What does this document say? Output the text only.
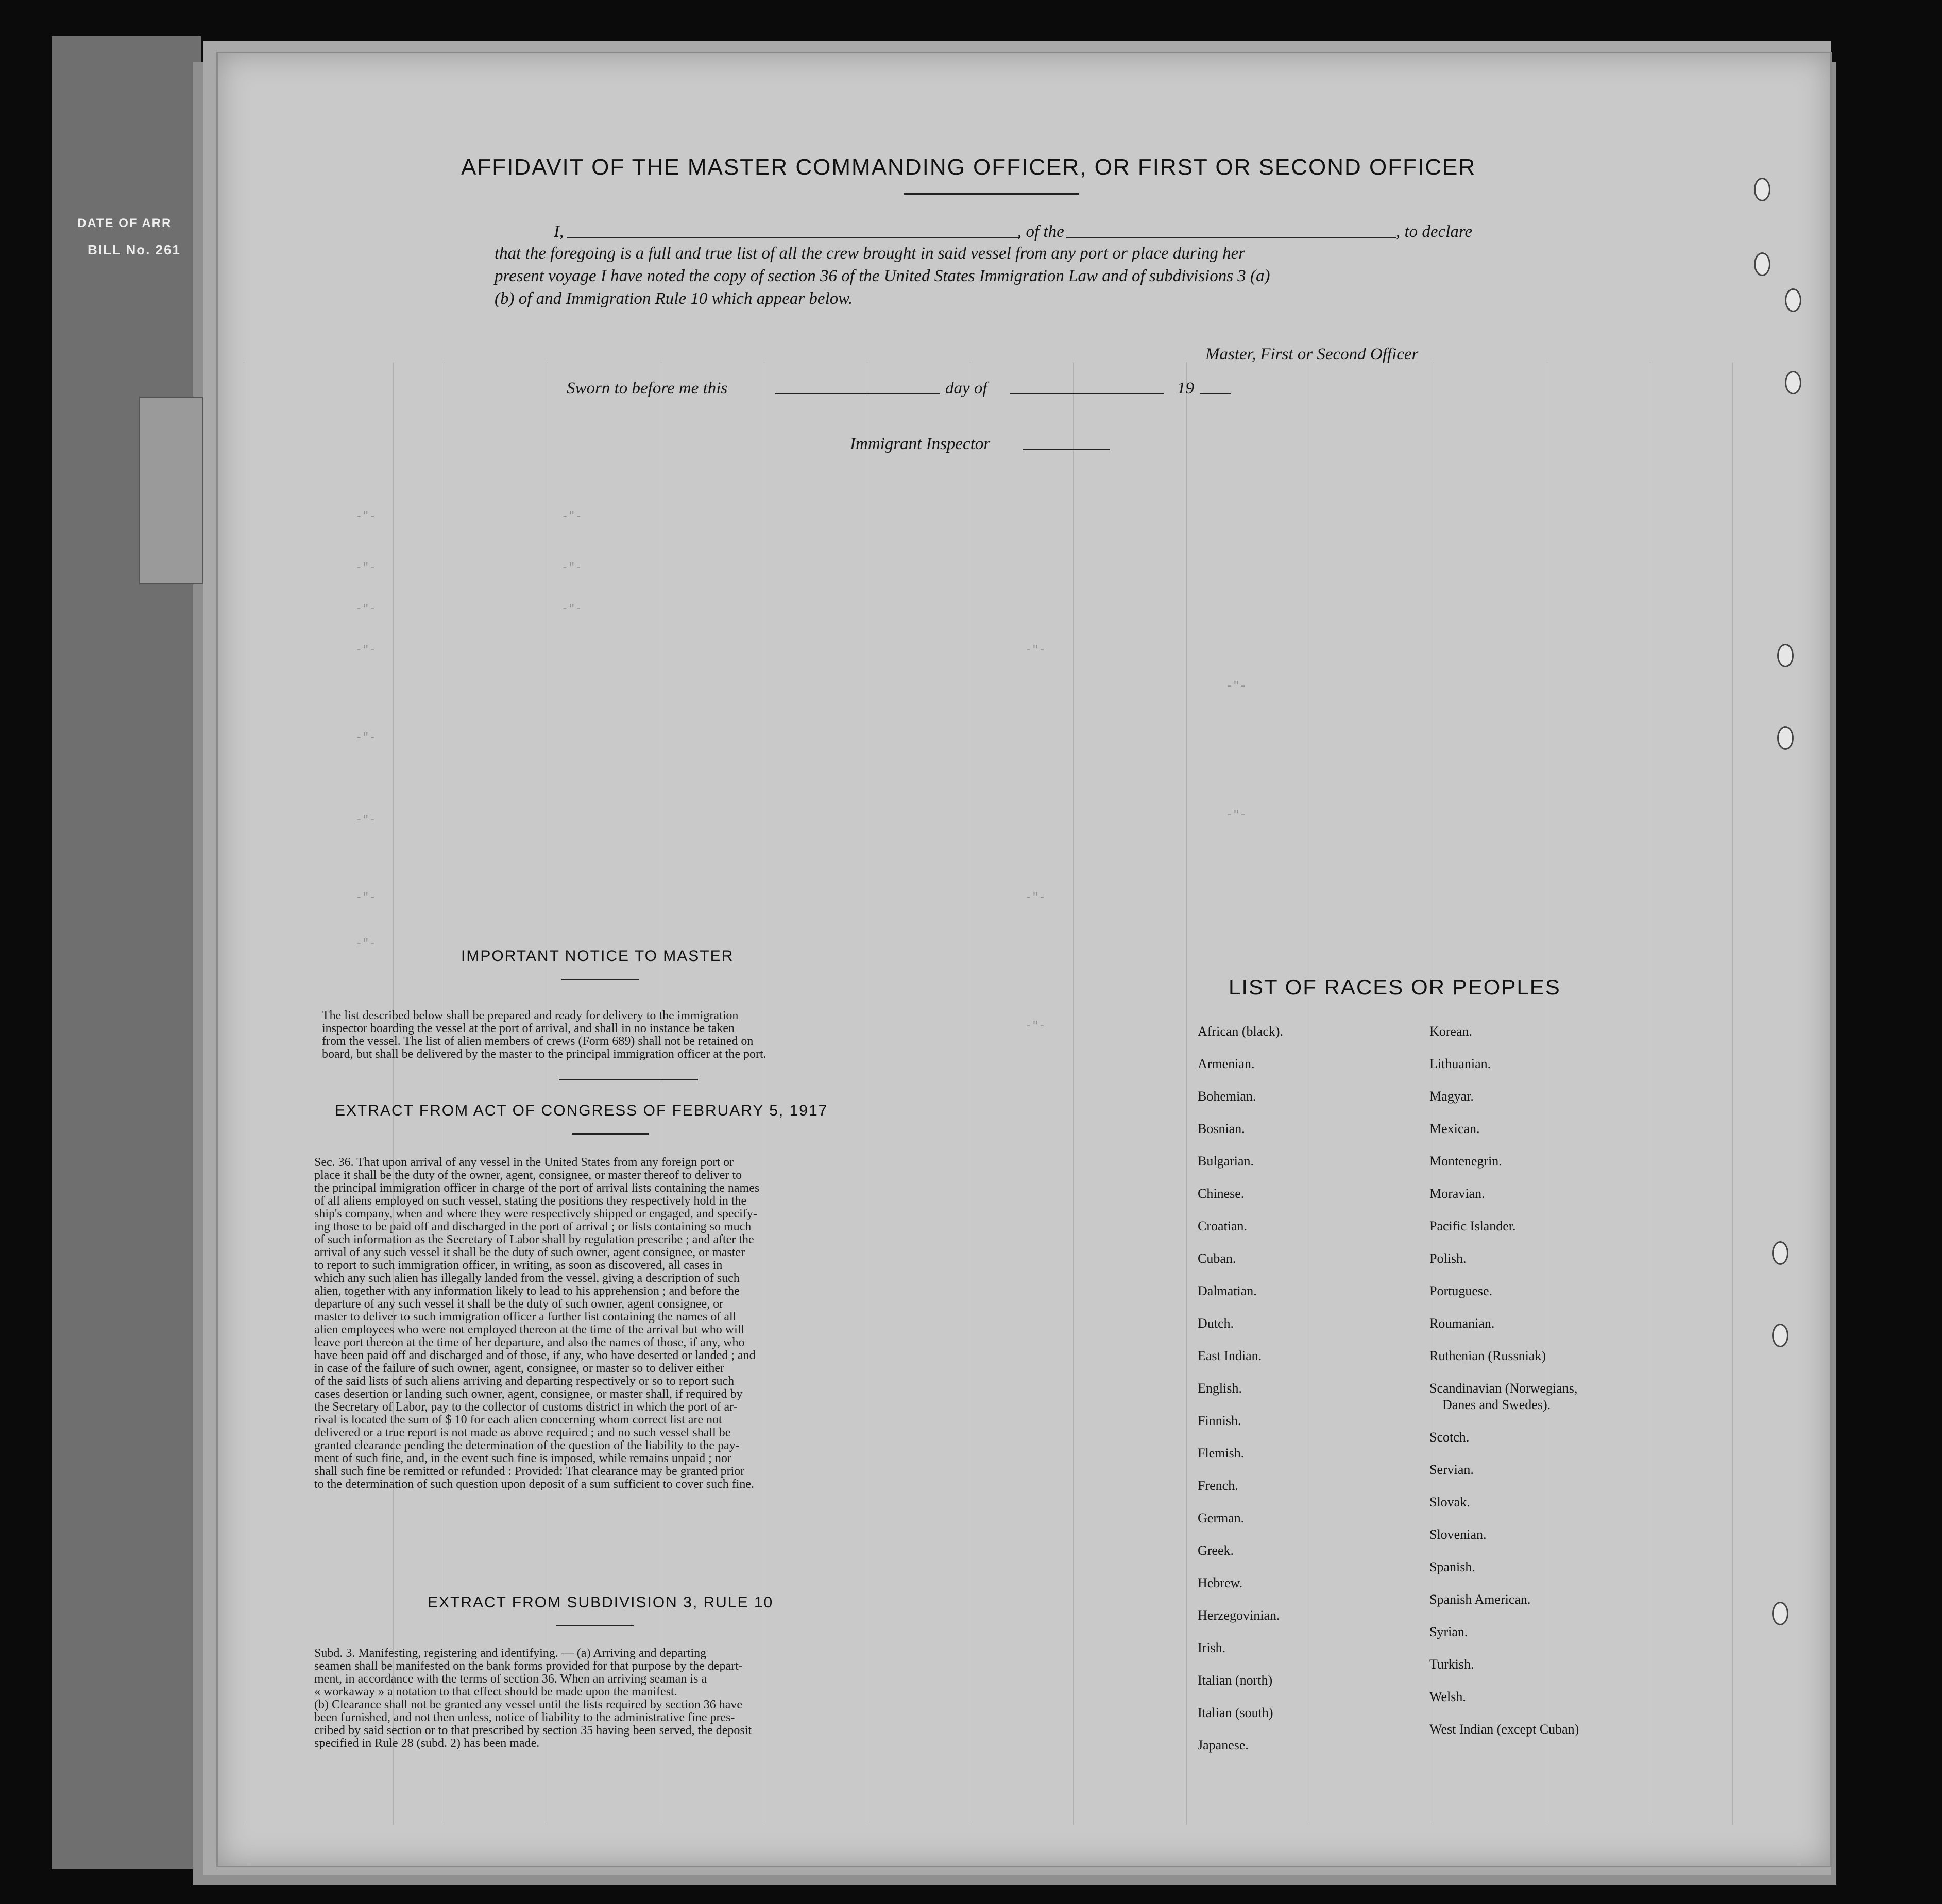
DATE OF ARR
BILL No. 261
AFFIDAVIT OF THE MASTER COMMANDING OFFICER, OR FIRST OR SECOND OFFICER
I,	, of the	, to declare
that the foregoing is a full and true list of all the crew brought in said vessel from any port or place during her
present voyage I have noted the copy of section 36 of the United States Immigration Law and of subdivisions 3 (a)
(b) of and Immigration Rule 10 which appear below.
Master, First or Second Officer
Sworn to before me this	day of	19
Immigrant Inspector
-"-	-"-
-"-	-"-
-"-	-"-
-"-	-"-
-"-
-"-
-"-	-"-
-"-	-"-
-"-
-"-
IMPORTANT NOTICE TO MASTER
The list described below shall be prepared and ready for delivery to the immigration
inspector boarding the vessel at the port of arrival, and shall in no instance be taken
from the vessel. The list of alien members of crews (Form 689) shall not be retained on
board, but shall be delivered by the master to the principal immigration officer at the port.
EXTRACT FROM ACT OF CONGRESS OF FEBRUARY 5, 1917
Sec. 36. That upon arrival of any vessel in the United States from any foreign port or
place it shall be the duty of the owner, agent, consignee, or master thereof to deliver to
the principal immigration officer in charge of the port of arrival lists containing the names
of all aliens employed on such vessel, stating the positions they respectively hold in the
ship's company, when and where they were respectively shipped or engaged, and specify-
ing those to be paid off and discharged in the port of arrival ; or lists containing so much
of such information as the Secretary of Labor shall by regulation prescribe ; and after the
arrival of any such vessel it shall be the duty of such owner, agent consignee, or master
to report to such immigration officer, in writing, as soon as discovered, all cases in
which any such alien has illegally landed from the vessel, giving a description of such
alien, together with any information likely to lead to his apprehension ; and before the
departure of any such vessel it shall be the duty of such owner, agent consignee, or
master to deliver to such immigration officer a further list containing the names of all
alien employees who were not employed thereon at the time of the arrival but who will
leave port thereon at the time of her departure, and also the names of those, if any, who
have been paid off and discharged and of those, if any, who have deserted or landed ; and
in case of the failure of such owner, agent, consignee, or master so to deliver either
of the said lists of such aliens arriving and departing respectively or so to report such
cases desertion or landing such owner, agent, consignee, or master shall, if required by
the Secretary of Labor, pay to the collector of customs district in which the port of ar-
rival is located the sum of $ 10 for each alien concerning whom correct list are not
delivered or a true report is not made as above required ; and no such vessel shall be
granted clearance pending the determination of the question of the liability to the pay-
ment of such fine, and, in the event such fine is imposed, while remains unpaid ; nor
shall such fine be remitted or refunded : Provided: That clearance may be granted prior
to the determination of such question upon deposit of a sum sufficient to cover such fine.
EXTRACT FROM SUBDIVISION 3, RULE 10
Subd. 3. Manifesting, registering and identifying. — (a) Arriving and departing
seamen shall be manifested on the bank forms provided for that purpose by the depart-
ment, in accordance with the terms of section 36. When an arriving seaman is a
« workaway » a notation to that effect should be made upon the manifest.
(b) Clearance shall not be granted any vessel until the lists required by section 36 have
been furnished, and not then unless, notice of liability to the administrative fine pres-
cribed by said section or to that prescribed by section 35 having been served, the deposit
specified in Rule 28 (subd. 2) has been made.
LIST OF RACES OR PEOPLES
African (black).
Armenian.
Bohemian.
Bosnian.
Bulgarian.
Chinese.
Croatian.
Cuban.
Dalmatian.
Dutch.
East Indian.
English.
Finnish.
Flemish.
French.
German.
Greek.
Hebrew.
Herzegovinian.
Irish.
Italian (north)
Italian (south)
Japanese.
Korean.
Lithuanian.
Magyar.
Mexican.
Montenegrin.
Moravian.
Pacific Islander.
Polish.
Portuguese.
Roumanian.
Ruthenian (Russniak)
Scandinavian (Norwegians,
Danes and Swedes).
Scotch.
Servian.
Slovak.
Slovenian.
Spanish.
Spanish American.
Syrian.
Turkish.
Welsh.
West Indian (except Cuban)
